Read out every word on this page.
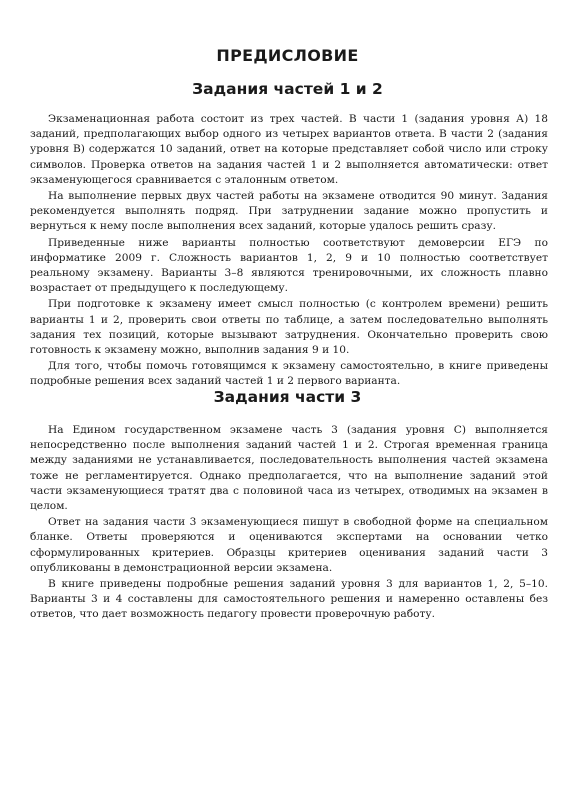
ПРЕДИСЛОВИЕ
Задания частей 1 и 2

Экзаменационная работа состоит из трех частей. В части 1 (задания уровня А) 18 заданий, предполагающих выбор одного из четырех вариантов ответа. В части 2 (задания уровня В) содержатся 10 заданий, ответ на которые представляет собой число или строку символов. Проверка ответов на задания частей 1 и 2 выполняется автоматически: ответ экзаменующегося сравнивается с эталонным ответом.

На выполнение первых двух частей работы на экзамене отводится 90 минут. Задания рекомендуется выполнять подряд. При затруднении задание можно пропустить и вернуться к нему после выполнения всех заданий, которые удалось решить сразу.

Приведенные ниже варианты полностью соответствуют демоверсии ЕГЭ по информатике 2009 г. Сложность вариантов 1, 2, 9 и 10 полностью соответствует реальному экзамену. Варианты 3–8 являются тренировочными, их сложность плавно возрастает от предыдущего к последующему.

При подготовке к экзамену имеет смысл полностью (с контролем времени) решить варианты 1 и 2, проверить свои ответы по таблице, а затем последовательно выполнять задания тех позиций, которые вызывают затруднения. Окончательно проверить свою готовность к экзамену можно, выполнив задания 9 и 10.

Для того, чтобы помочь готовящимся к экзамену самостоятельно, в книге приведены подробные решения всех заданий частей 1 и 2 первого варианта.

Задания части 3

На Едином государственном экзамене часть 3 (задания уровня С) выполняется непосредственно после выполнения заданий частей 1 и 2. Строгая временная граница между заданиями не устанавливается, последовательность выполнения частей экзамена тоже не регламентируется. Однако предполагается, что на выполнение заданий этой части экзаменующиеся тратят два с половиной часа из четырех, отводимых на экзамен в целом.

Ответ на задания части 3 экзаменующиеся пишут в свободной форме на специальном бланке. Ответы проверяются и оцениваются экспертами на основании четко сформулированных критериев. Образцы критериев оценивания заданий части 3 опубликованы в демонстрационной версии экзамена.

В книге приведены подробные решения заданий уровня 3 для вариантов 1, 2, 5–10. Варианты 3 и 4 составлены для самостоятельного решения и намеренно оставлены без ответов, что дает возможность педагогу провести проверочную работу.
